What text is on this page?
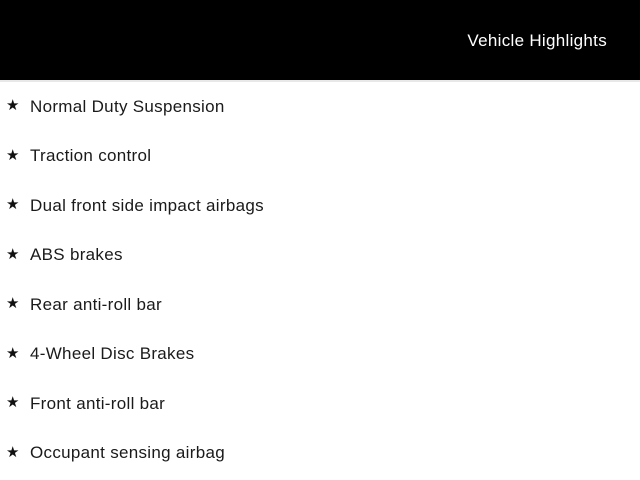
Vehicle Highlights
★ Normal Duty Suspension
★ Traction control
★ Dual front side impact airbags
★ ABS brakes
★ Rear anti-roll bar
★ 4-Wheel Disc Brakes
★ Front anti-roll bar
★ Occupant sensing airbag
